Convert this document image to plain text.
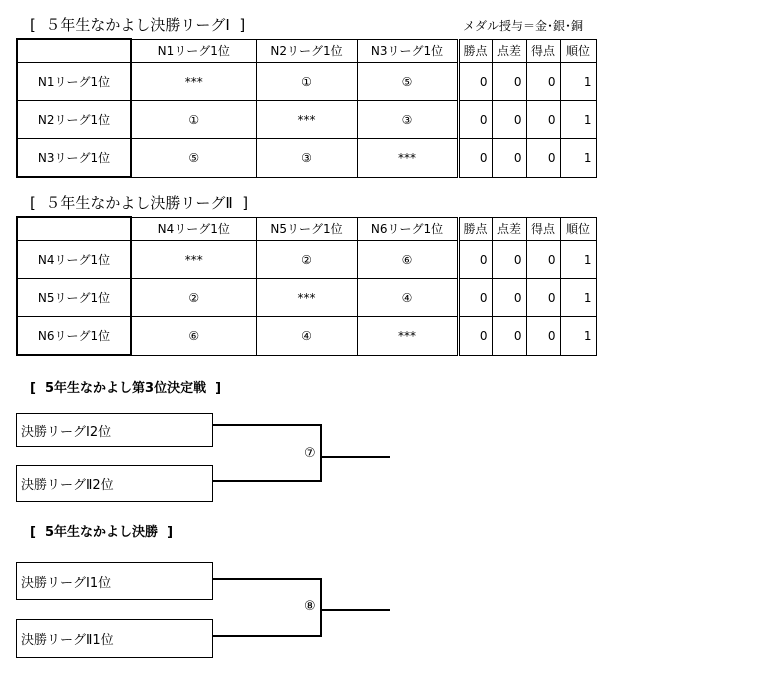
[  ５年生なかよし決勝リーグⅠ  ]	メダル授与＝金･銀･銅
	N1リーグ1位	N2リーグ1位	N3リーグ1位	勝点	点差	得点	順位
N1リーグ1位	***	①	⑤	0	0	0	1
N2リーグ1位	①	***	③	0	0	0	1
N3リーグ1位	⑤	③	***	0	0	0	1
[  ５年生なかよし決勝リーグⅡ  ]
	N4リーグ1位	N5リーグ1位	N6リーグ1位	勝点	点差	得点	順位
N4リーグ1位	***	②	⑥	0	0	0	1
N5リーグ1位	②	***	④	0	0	0	1
N6リーグ1位	⑥	④	***	0	0	0	1
[  5年生なかよし第3位決定戦  ]
決勝リーグⅠ2位
決勝リーグⅡ2位
⑦
[  5年生なかよし決勝  ]
決勝リーグⅠ1位
決勝リーグⅡ1位
⑧
